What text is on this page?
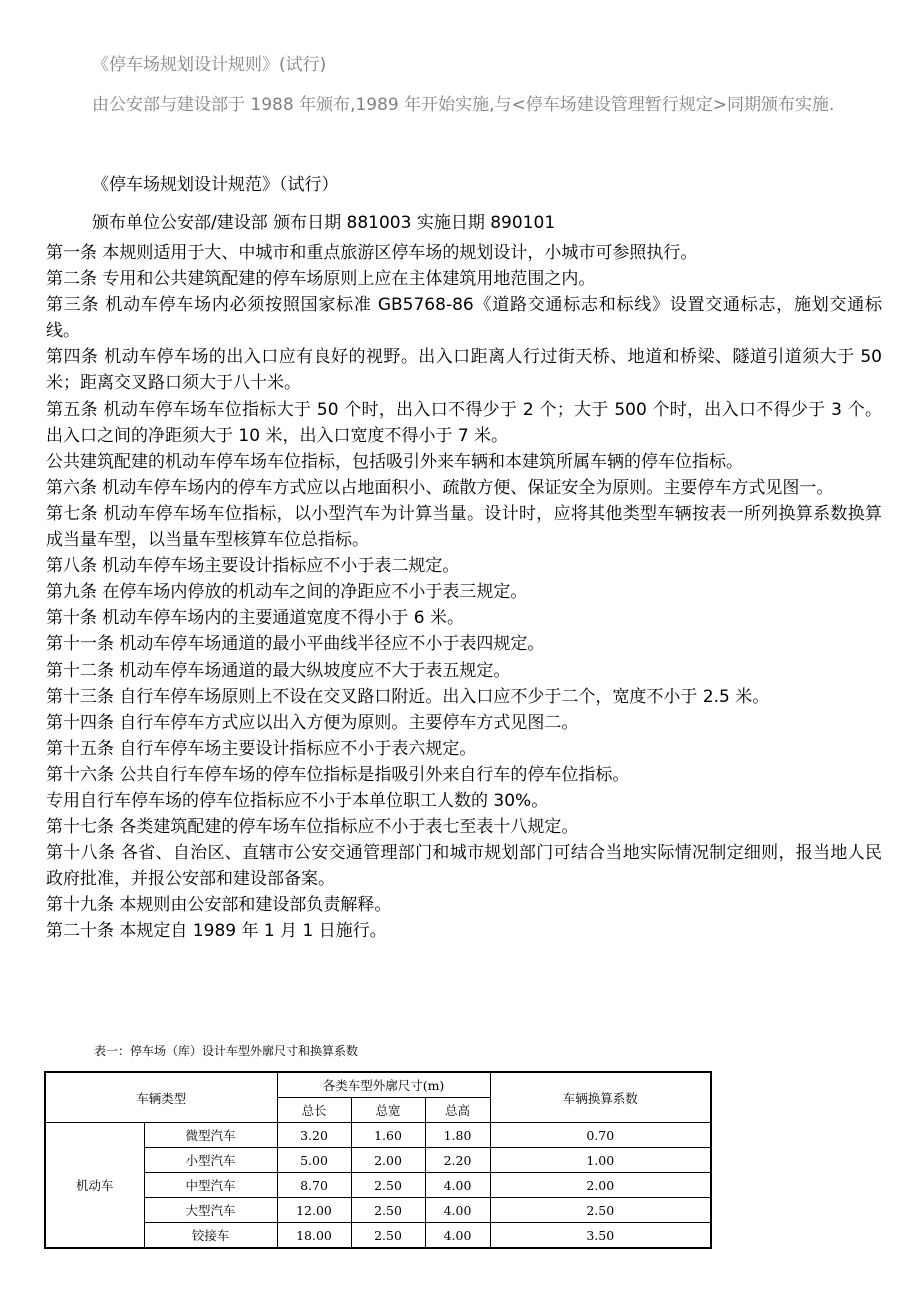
《停车场规划设计规则》(试行)
由公安部与建设部于 1988 年颁布,1989 年开始实施,与<停车场建设管理暂行规定>同期颁布实施.
《停车场规划设计规范》（试行）
颁布单位公安部/建设部 颁布日期 881003 实施日期 890101

第一条 本规则适用于大、中城市和重点旅游区停车场的规划设计，小城市可参照执行。

第二条 专用和公共建筑配建的停车场原则上应在主体建筑用地范围之内。

第三条 机动车停车场内必须按照国家标准 GB5768-86《道路交通标志和标线》设置交通标志，施划交通标线。

第四条 机动车停车场的出入口应有良好的视野。出入口距离人行过街天桥、地道和桥梁、隧道引道须大于 50 米；距离交叉路口须大于八十米。

第五条 机动车停车场车位指标大于 50 个时，出入口不得少于 2 个；大于 500 个时，出入口不得少于 3 个。出入口之间的净距须大于 10 米，出入口宽度不得小于 7 米。

公共建筑配建的机动车停车场车位指标，包括吸引外来车辆和本建筑所属车辆的停车位指标。

第六条 机动车停车场内的停车方式应以占地面积小、疏散方便、保证安全为原则。主要停车方式见图一。

第七条 机动车停车场车位指标，以小型汽车为计算当量。设计时，应将其他类型车辆按表一所列换算系数换算成当量车型，以当量车型核算车位总指标。

第八条 机动车停车场主要设计指标应不小于表二规定。

第九条 在停车场内停放的机动车之间的净距应不小于表三规定。

第十条 机动车停车场内的主要通道宽度不得小于 6 米。

第十一条 机动车停车场通道的最小平曲线半径应不小于表四规定。

第十二条 机动车停车场通道的最大纵坡度应不大于表五规定。

第十三条 自行车停车场原则上不设在交叉路口附近。出入口应不少于二个，宽度不小于 2.5 米。

第十四条 自行车停车方式应以出入方便为原则。主要停车方式见图二。

第十五条 自行车停车场主要设计指标应不小于表六规定。

第十六条 公共自行车停车场的停车位指标是指吸引外来自行车的停车位指标。

专用自行车停车场的停车位指标应不小于本单位职工人数的 30%。

第十七条 各类建筑配建的停车场车位指标应不小于表七至表十八规定。

第十八条 各省、自治区、直辖市公安交通管理部门和城市规划部门可结合当地实际情况制定细则，报当地人民政府批准，并报公安部和建设部备案。

第十九条 本规则由公安部和建设部负责解释。

第二十条 本规定自 1989 年 1 月 1 日施行。

表一：停车场（库）设计车型外廓尺寸和换算系数
车辆类型		各类车型外廓尺寸(m)			车辆换算系数
		总长	总宽	总高	
机动车	微型汽车	3.20	1.60	1.80	0.70
	小型汽车	5.00	2.00	2.20	1.00
	中型汽车	8.70	2.50	4.00	2.00
	大型汽车	12.00	2.50	4.00	2.50
	铰接车	18.00	2.50	4.00	3.50
